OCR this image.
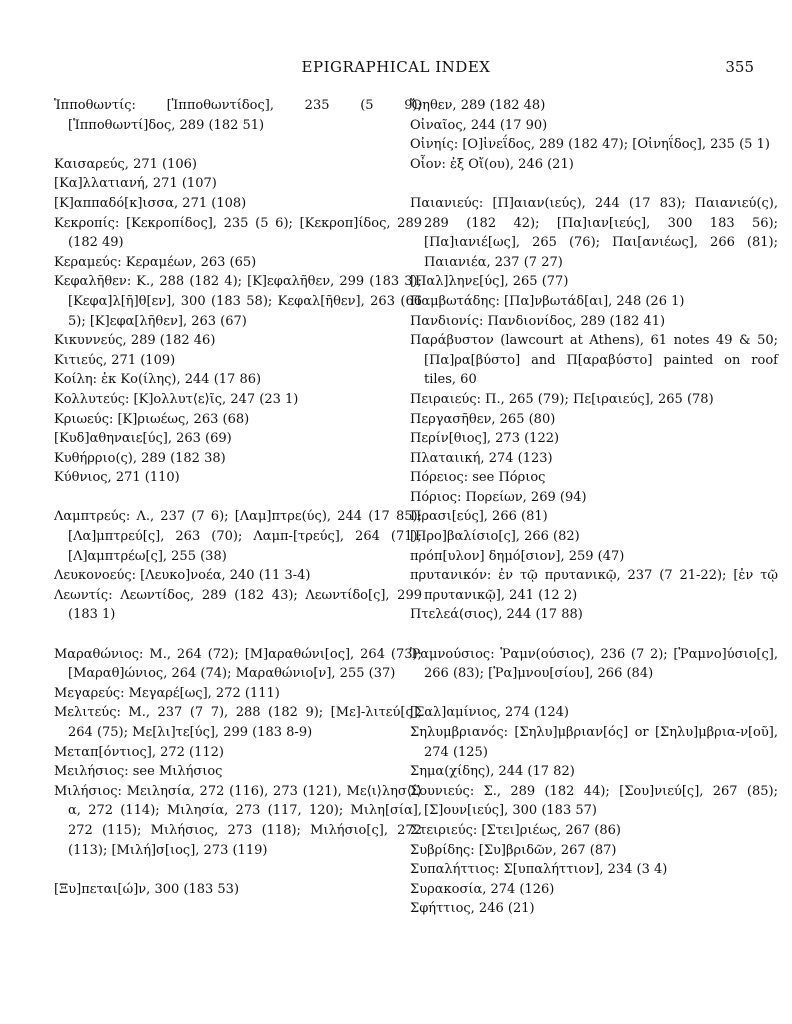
EPIGRAPHICAL INDEX	355

Ἱπποθωντίς: [Ἱπποθωντίδος], 235 (5 9); [Ἱπποθωντί]δος, 289 (182 51)

Καισαρεύς, 271 (106)

[Κα]λλατιανή, 271 (107)

[Κ]αππαδό[κ]ισσα, 271 (108)

Κεκροπίς: [Κεκροπίδος], 235 (5 6); [Κεκροπ]ίδος, 289 (182 49)

Κεραμεύς: Κεραμέων, 263 (65)

Κεφαλῆθεν: Κ., 288 (182 4); [Κ]εφαλῆθεν, 299 (183 3); [Κεφα]λ[ῆ]θ[εν], 300 (183 58); Κεφαλ[ῆθεν], 263 (66 5); [Κ]εφα[λῆθεν], 263 (67)

Κικυννεύς, 289 (182 46)

Κιτιεύς, 271 (109)

Κοίλη: ἐκ Κο(ίλης), 244 (17 86)

Κολλυτεύς: [Κ]ολλυτ⟨ε⟩ῖς, 247 (23 1)

Κριωεύς: [Κ]ριωέως, 263 (68)

[Κυδ]αθηναιε[ύς], 263 (69)

Κυθήρριο(ς), 289 (182 38)

Κύθνιος, 271 (110)

Λαμπτρεύς: Λ., 237 (7 6); [Λαμ]πτρε(ύς), 244 (17 85); [Λα]μπτρεύ[ς], 263 (70); Λαμπ-[τρεύς], 264 (71); [Λ]αμπτρέω[ς], 255 (38)

Λευκονοεύς: [Λευκο]νοέα, 240 (11 3-4)

Λεωντίς: Λεωντίδος, 289 (182 43); Λεωντίδο[ς], 299 (183 1)

Μαραθώνιος: Μ., 264 (72); [Μ]αραθώνι[ος], 264 (73); [Μαραθ]ώνιος, 264 (74); Μαραθώνιο[ν], 255 (37)

Μεγαρεύς: Μεγαρέ[ως], 272 (111)

Μελιτεύς: Μ., 237 (7 7), 288 (182 9); [Με]-λιτεύ[ς], 264 (75); Με[λι]τε[ύς], 299 (183 8-9)

Μεταπ[όντιος], 272 (112)

Μειλήσιος: see Μιλήσιος

Μιλήσιος: Μειλησία, 272 (116), 273 (121), Με⟨ι⟩λησ⟨ί⟩α, 272 (114); Μιλησία, 273 (117, 120); Μιλη[σία], 272 (115); Μιλήσιος, 273 (118); Μιλήσιο[ς], 272 (113); [Μιλή]σ[ιος], 273 (119)

[Ξυ]πεται[ώ]ν, 300 (183 53)

Ὄηθεν, 289 (182 48)

Οἰναῖος, 244 (17 90)

Οἰνηίς: [Ο]ἰνεΐδος, 289 (182 47); [Οἰνηΐδος], 235 (5 1)

Οἶον: ἐξ Οἴ(ου), 246 (21)

Παιανιεύς: [Π]αιαν(ιεύς), 244 (17 83); Παιανιεύ(ς), 289 (182 42); [Πα]ιαν[ιεύς], 300 183 56); [Πα]ιανιέ[ως], 265 (76); Παι[ανιέως], 266 (81); Παιανιέα, 237 (7 27)

[Παλ]ληνε[ύς], 265 (77)

Παμβωτάδης: [Πα]νβωτάδ[αι], 248 (26 1)

Πανδιονίς: Πανδιονίδος, 289 (182 41)

Παράβυστον (lawcourt at Athens), 61 notes 49 & 50; [Πα]ρα[βύστο] and Π[αραβύστο] painted on roof tiles, 60

Πειραιεύς: Π., 265 (79); Πε[ιραιεύς], 265 (78)

Περγασῆθεν, 265 (80)

Περίν[θιος], 273 (122)

Πλαταιική, 274 (123)

Πόρειος: see Πόριος

Πόριος: Πορείων, 269 (94)

Πρασι[εύς], 266 (81)

[Προ]βαλίσιο[ς], 266 (82)

πρόπ[υλον] δημό[σιον], 259 (47)

πρυτανικόν: ἐν τῷ πρυτανικῷ, 237 (7 21-22); [ἐν τῷ πρυτανικῷ], 241 (12 2)

Πτελεά(σιος), 244 (17 88)

Ῥαμνούσιος: Ῥαμν(ούσιος), 236 (7 2); [Ῥαμνο]ύσιο[ς], 266 (83); [Ῥα]μνου[σίου], 266 (84)

[Σαλ]αμίνιος, 274 (124)

Σηλυμβριανός: [Σηλυ]μβριαν[ός] or [Σηλυ]μβρια-ν[οῦ], 274 (125)

Σημα(χίδης), 244 (17 82)

Σουνιεύς: Σ., 289 (182 44); [Σου]νιεύ[ς], 267 (85); [Σ]ουν[ιεύς], 300 (183 57)

Στειριεύς: [Στει]ριέως, 267 (86)

Συβρίδης: [Συ]βριδῶν, 267 (87)

Συπαλήττιος: Σ[υπαλήττιον], 234 (3 4)

Συρακοσία, 274 (126)

Σφήττιος, 246 (21)
